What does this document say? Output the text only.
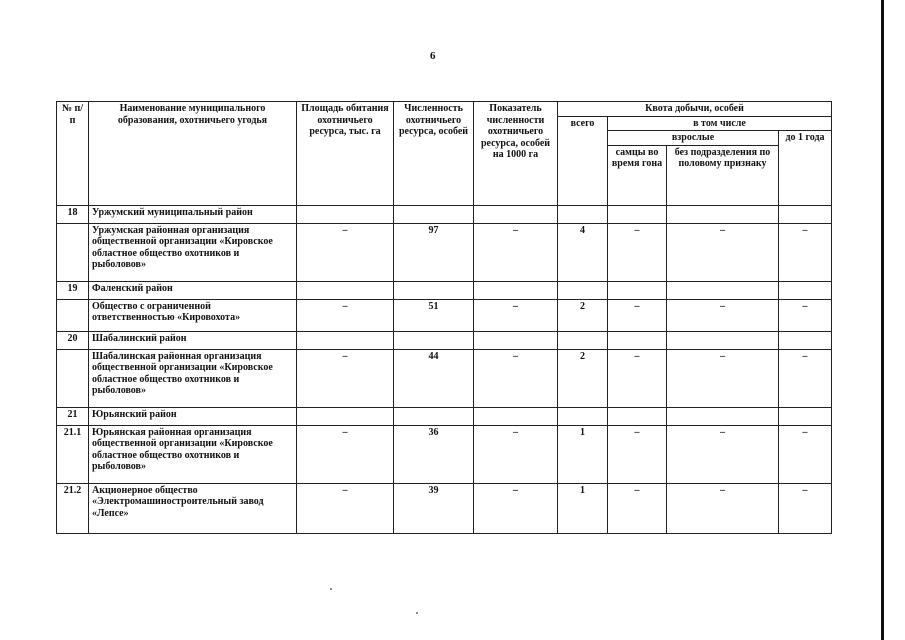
6
№ п/п	Наименование муниципального образования, охотничьего угодья	Площадь обитания охотничьего ресурса, тыс. га	Численность охотничьего ресурса, особей	Показатель численности охотничьего ресурса, особей на 1000 га	Квота добычи, особей			
					всего	в том числе		
						взрослые		до 1 года
						самцы во время гона	без подразделения по половому признаку	
18	Уржумский муниципальный район							
	Уржумская районная организация общественной организации «Кировское областное общество охотников и рыболовов»	–	97	–	4	–	–	–
19	Фаленский район							
	Общество с ограниченной ответственностью «Кировохота»	–	51	–	2	–	–	–
20	Шабалинский район							
	Шабалинская районная организация общественной организации «Кировское областное общество охотников и рыболовов»	–	44	–	2	–	–	–
21	Юрьянский район							
21.1	Юрьянская районная организация общественной организации «Кировское областное общество охотников и рыболовов»	–	36	–	1	–	–	–
21.2	Акционерное общество «Электромашиностроительный завод «Лепсе»	–	39	–	1	–	–	–
